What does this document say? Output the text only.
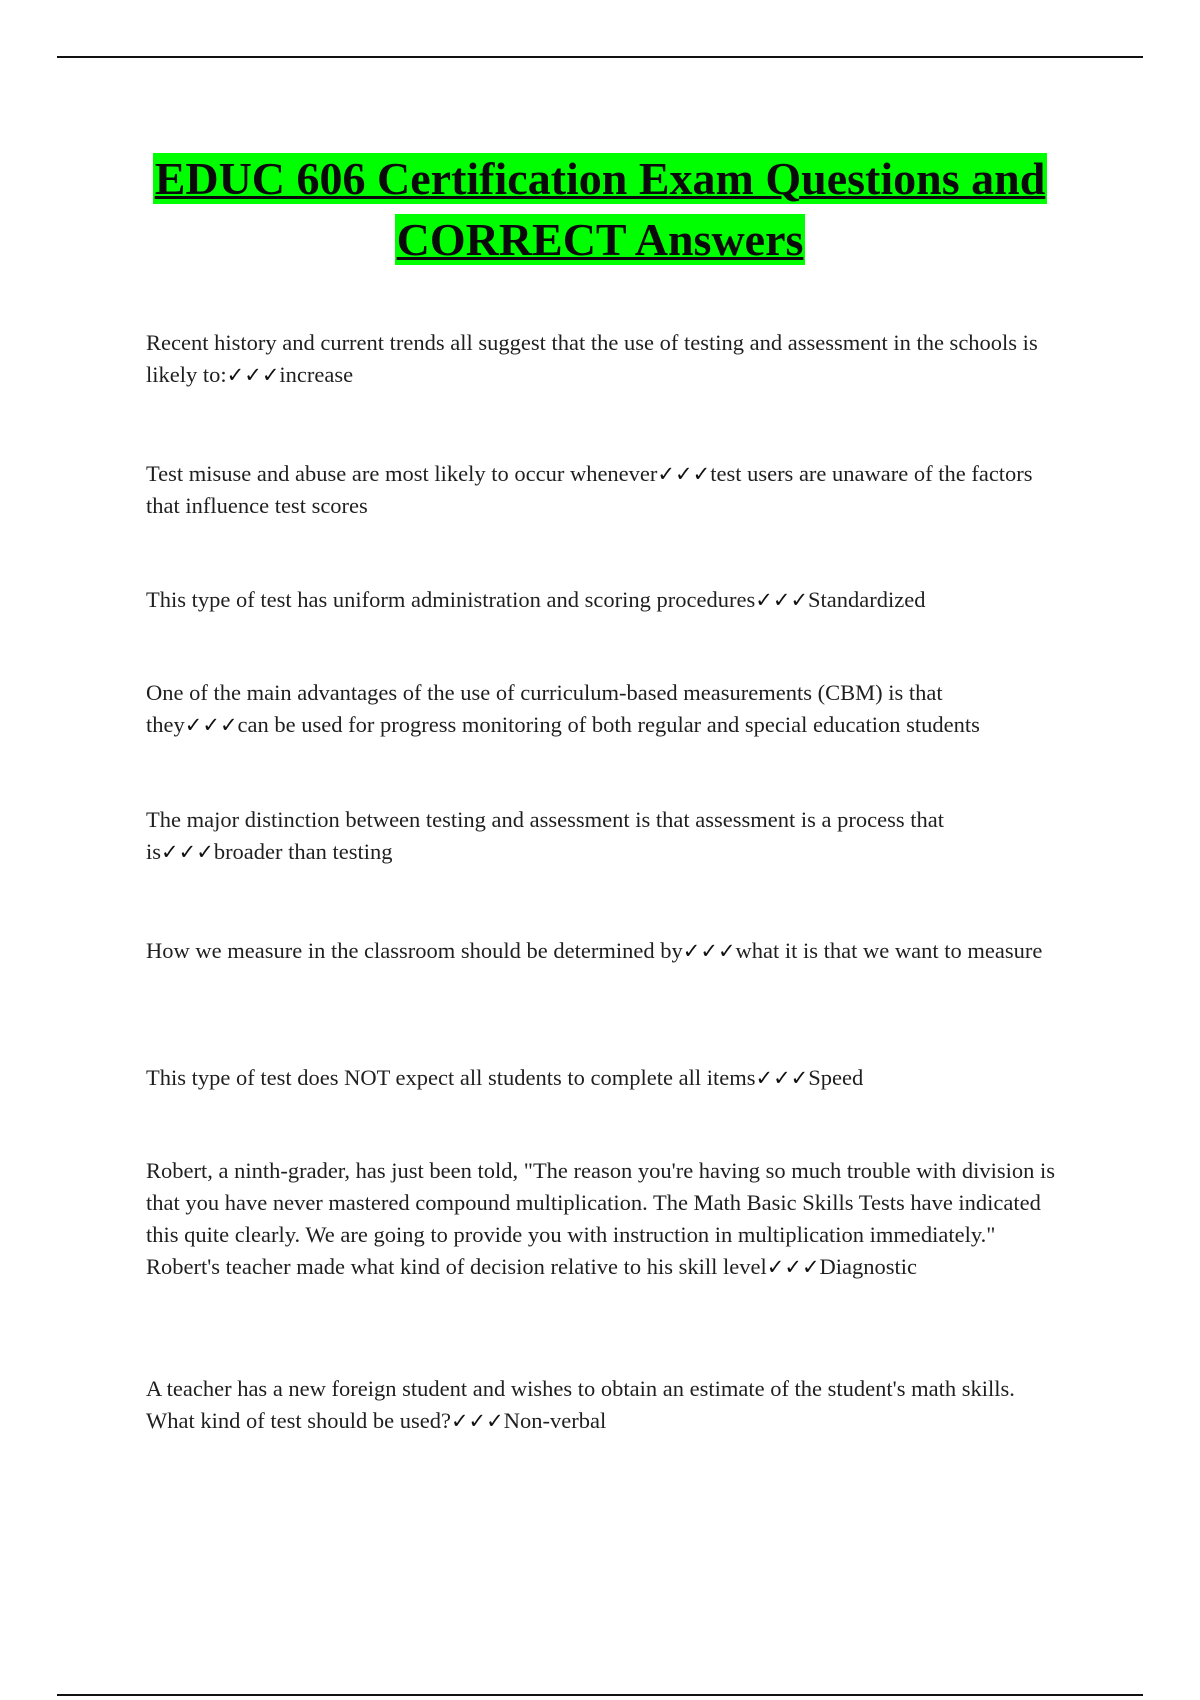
EDUC 606 Certification Exam Questions and CORRECT Answers

Recent history and current trends all suggest that the use of testing and assessment in the schools is likely to:✓✓✓increase

Test misuse and abuse are most likely to occur whenever✓✓✓test users are unaware of the factors that influence test scores

This type of test has uniform administration and scoring procedures✓✓✓Standardized

One of the main advantages of the use of curriculum-based measurements (CBM) is that they✓✓✓can be used for progress monitoring of both regular and special education students

The major distinction between testing and assessment is that assessment is a process that is✓✓✓broader than testing

How we measure in the classroom should be determined by✓✓✓what it is that we want to measure

This type of test does NOT expect all students to complete all items✓✓✓Speed

Robert, a ninth-grader, has just been told, "The reason you're having so much trouble with division is that you have never mastered compound multiplication. The Math Basic Skills Tests have indicated this quite clearly. We are going to provide you with instruction in multiplication immediately." Robert's teacher made what kind of decision relative to his skill level✓✓✓Diagnostic

A teacher has a new foreign student and wishes to obtain an estimate of the student's math skills. What kind of test should be used?✓✓✓Non-verbal
